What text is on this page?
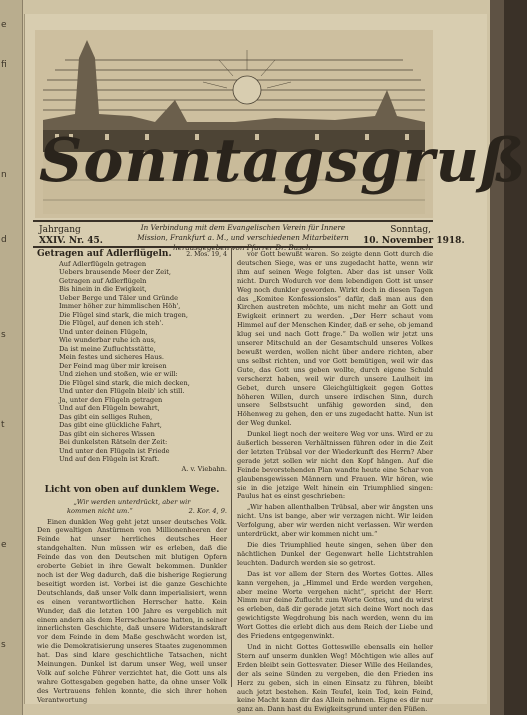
e
fi
n
d
s
t
e
s
Sonntagsgruß
Jahrgang
XXIV. Nr. 45.
In Verbindung mit dem Evangelischen Verein für Innere
Mission, Frankfurt a. M., und verschiedenen Mitarbeitern
Sonntag,
10. November 1918.
Getragen auf Adlerflügeln. 2. Mos. 19, 4
Auf Adlerflügeln getragen
Uebers brausende Meer der Zeit,
Getragen auf Adlerflügeln
Bis hinein in die Ewigkeit,
Ueber Berge und Täler und Gründe
Immer höher zur himmlischen Höh',
Die Flügel sind stark, die mich tragen,
Die Flügel, auf denen ich steh'.
Und unter deinen Flügeln,
Wie wunderbar ruhe ich aus,
Da ist meine Zufluchtsstätte,
Mein festes und sicheres Haus.
Der Feind mag über mir kreisen
Und ziehen und stoßen, wie er will:
Die Flügel sind stark, die mich decken,
Und unter den Flügeln bleib' ich still.
Ja, unter den Flügeln getragen
Und auf den Flügeln bewahrt,
Das gibt ein selliges Ruhen,
Das gibt eine glückliche Fahrt,
Das gibt ein sicheres Wissen
Bei dunkelsten Rätseln der Zeit:
Und unter den Flügeln ist Friede
Und auf den Flügeln ist Kraft.
A. v. Viebahn.
Licht von oben auf dunklem Wege.
„Wir werden unterdrückt, aber wir
kommen nicht um.“	2. Kor. 4, 9.

Einen dunklen Weg geht jetzt unser deutsches Volk. Den gewaltigen Anstürmen von Millionenheeren der Feinde hat unser herrliches deutsches Heer standgehalten. Nun müssen wir es erleben, daß die Feinde das von den Deutschen mit blutigen Opfern eroberte Gebiet in ihre Gewalt bekommen. Dunkler noch ist der Weg dadurch, daß die bisherige Regierung beseitigt worden ist. Vorbei ist die ganze Geschichte Deutschlands, daß unser Volk dann imperialisiert, wenn es einen verantwortlichen Herrscher hatte. Kein Wunder, daß die letzten 100 Jahre es vergeblich mit einem andern als dem Herrscherhause hatten, in seiner innerlichsten Geschichte, daß unsere Widerstandskraft vor dem Feinde in dem Maße geschwächt worden ist, wie die Demokratisierung unseres Staates zugenommen hat. Das sind klare geschichtliche Tatsachen, nicht Meinungen. Dunkel ist darum unser Weg, weil unser Volk auf solche Führer verzichtet hat, die Gott uns als wahre Gottesgaben gegeben hatte, da ohne unser Volk des Vertrauens fehlen konnte, die sich ihrer hohen Verantwortung

vor Gott bewußt waren. So zeigte denn Gott durch die deutschen Siege, was er uns zugedacht hatte, wenn wir ihm auf seinen Wege folgten. Aber das ist unser Volk nicht. Durch Wodurch vor dem lebendigen Gott ist unser Weg noch dunkler geworden. Wirkt doch in diesen Tagen das „Komitee Konfessionslos“ dafür, daß man aus den Kirchen austreten möchte, um nicht mehr an Gott und Ewigkeit erinnert zu werden. „Der Herr schaut vom Himmel auf der Menschen Kinder, daß er sehe, ob jemand klug sei und nach Gott frage.“ Da wollen wir jetzt uns unserer Mitschuld an der Gesamtschuld unseres Volkes bewußt werden, wollen nicht über andere richten, aber uns selbst richten, und vor Gott bemütigen, weil wir das Gute, das Gott uns geben wollte, durch eigene Schuld verscherzt haben, weil wir durch unsere Laulheit im Gebet, durch unsere Gleichgültigkeit gegen Gottes höheren Willen, durch unsere irdischen Sinn, durch unsere Selbstsucht unfähig geworden sind, den Höhenweg zu gehen, den er uns zugedacht hatte. Nun ist der Weg dunkel.

Dunkel liegt noch der weitere Weg vor uns. Wird er zu äußerlich besseren Verhältnissen führen oder in die Zeit der letzten Trübsal vor der Wiederkunft des Herrn? Aber gerade jetzt sollen wir nicht den Kopf hängen. Auf die Feinde bevorstehenden Plan wandte heute eine Schar von glaubensgewissen Männern und Frauen. Wir hören, wie sie in die jetzige Welt hinein ein Triumphlied singen: Paulus hat es einst geschrieben:

„Wir haben allenthalben Trübsal, aber wir ängsten uns nicht. Uns ist bange, aber wir verzagen nicht. Wir leiden Verfolgung, aber wir werden nicht verlassen. Wir werden unterdrückt, aber wir kommen nicht um.“

Die dies Triumphlied heute singen, sehen über den nächtlichen Dunkel der Gegenwart helle Lichtstrahlen leuchten. Dadurch werden sie so getrost.

Das ist vor allem der Stern des Wortes Gottes. Alles kann vergehen, ja „Himmel und Erde werden vergehen, aber meine Worte vergehen nicht“, spricht der Herr. Nimm nur deine Zuflucht zum Worte Gottes, und du wirst es erleben, daß dir gerade jetzt sich deine Wort noch das gewichtigste Wegdrohung bis nach werden, wenn du im Wort Gottes die erlebt dich aus dem Reich der Liebe und des Friedens entgegenwinkt.

Und in nicht Gottes Gotteswille ebensalls ein heller Stern auf unserm dunklen Weg! Möchtigen wie alles auf Erden bleibt sein Gottesvater. Dieser Wille des Heilandes, der als seine Sünden zu vergeben, die den Frieden ins Herz zu geben, sich in einen Einsatz zu führen, bleibt auch jetzt bestehen. Kein Teufel, kein Tod, kein Feind, keine Macht kann dir das Allein nehmen. Eigne es dir nur ganz an. Dann hast du Ewigkeitsgrund unter den Füßen.
